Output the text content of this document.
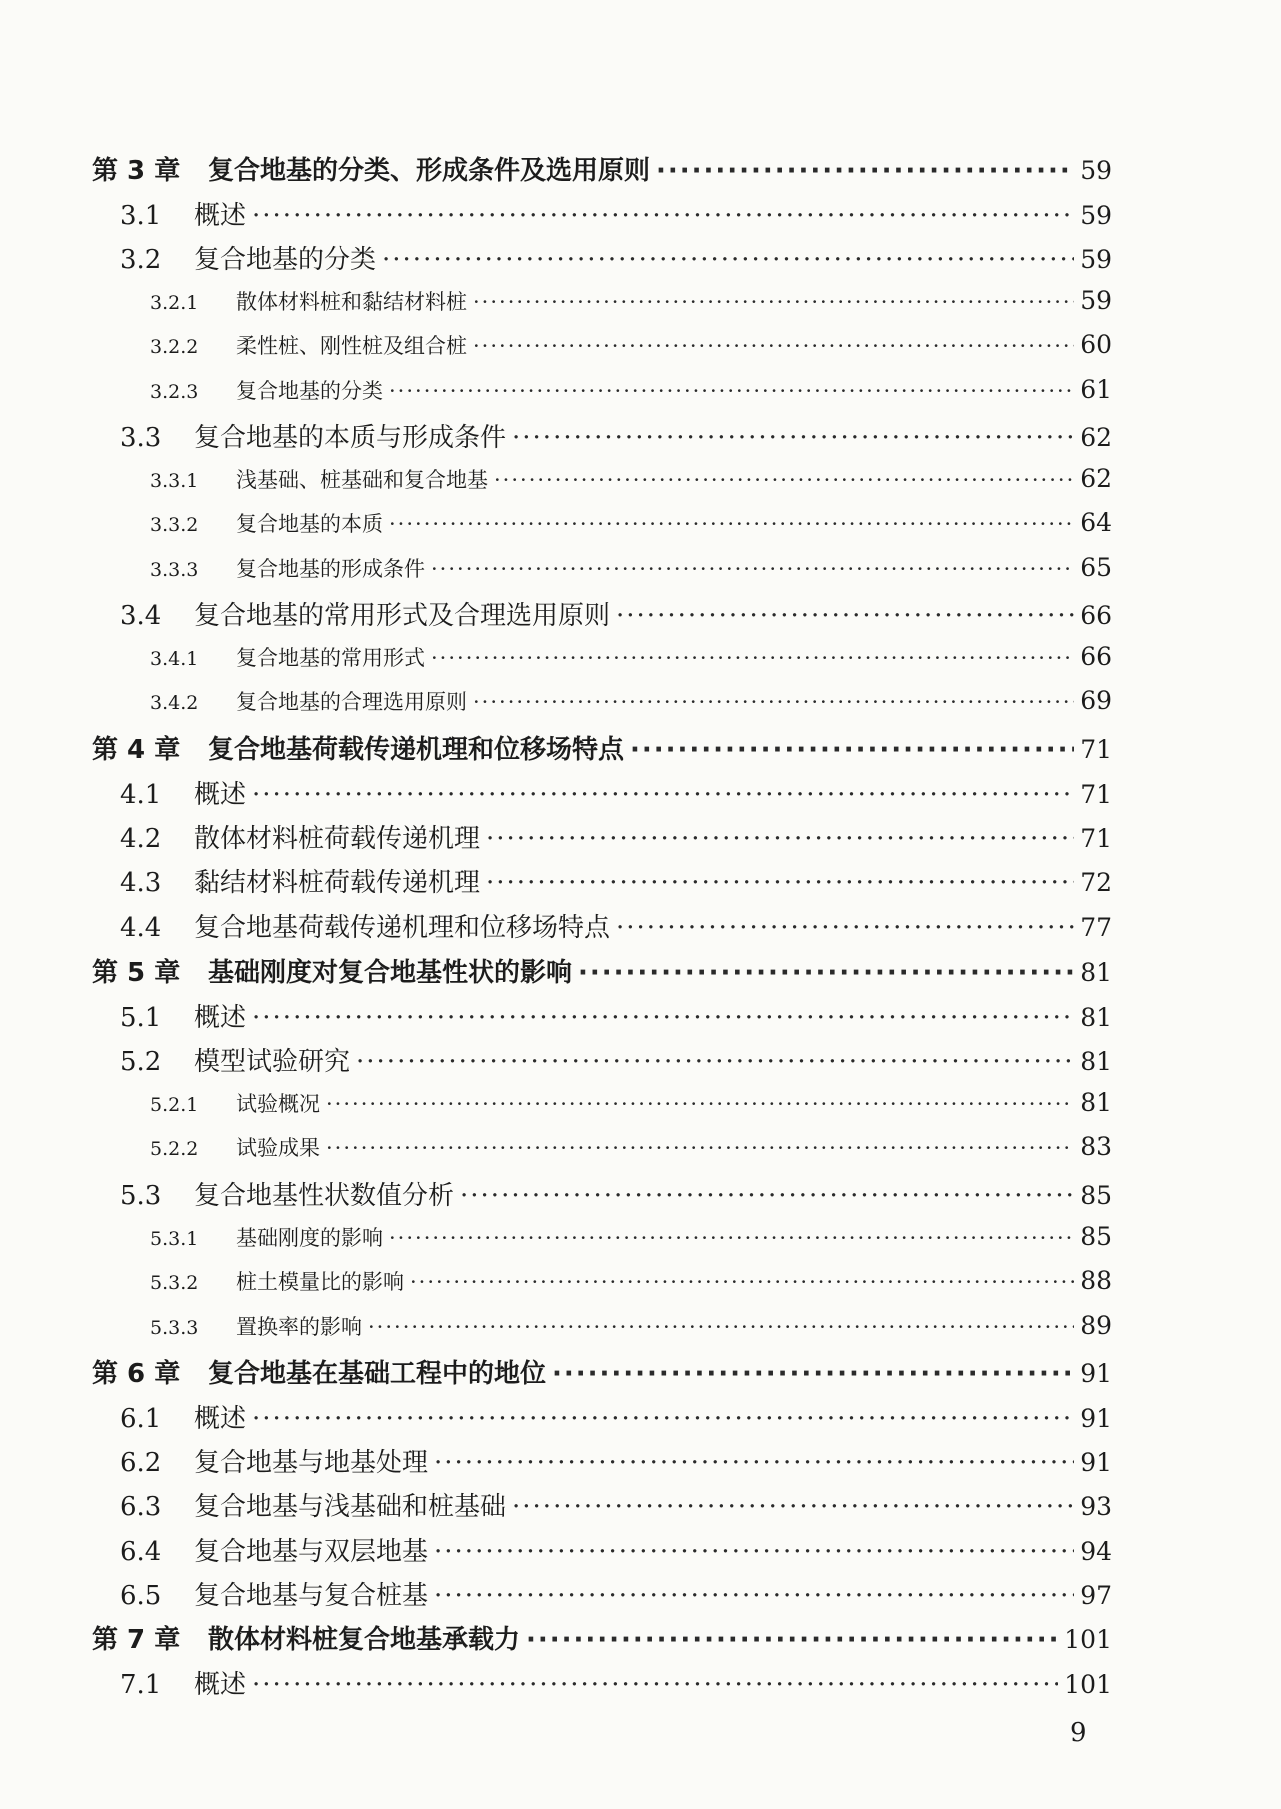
第 3 章	复合地基的分类、形成条件及选用原则 ·····	59
3.1	概述 ·····	59
3.2	复合地基的分类 ·····	59
3.2.1	散体材料桩和黏结材料桩 ·····	59
3.2.2	柔性桩、刚性桩及组合桩 ·····	60
3.2.3	复合地基的分类 ·····	61
3.3	复合地基的本质与形成条件 ·····	62
3.3.1	浅基础、桩基础和复合地基 ·····	62
3.3.2	复合地基的本质 ·····	64
3.3.3	复合地基的形成条件 ·····	65
3.4	复合地基的常用形式及合理选用原则 ·····	66
3.4.1	复合地基的常用形式 ·····	66
3.4.2	复合地基的合理选用原则 ·····	69
第 4 章	复合地基荷载传递机理和位移场特点 ·····	71
4.1	概述 ·····	71
4.2	散体材料桩荷载传递机理 ·····	71
4.3	黏结材料桩荷载传递机理 ·····	72
4.4	复合地基荷载传递机理和位移场特点 ·····	77
第 5 章	基础刚度对复合地基性状的影响 ·····	81
5.1	概述 ·····	81
5.2	模型试验研究 ·····	81
5.2.1	试验概况 ·····	81
5.2.2	试验成果 ·····	83
5.3	复合地基性状数值分析 ·····	85
5.3.1	基础刚度的影响 ·····	85
5.3.2	桩土模量比的影响 ·····	88
5.3.3	置换率的影响 ·····	89
第 6 章	复合地基在基础工程中的地位 ·····	91
6.1	概述 ·····	91
6.2	复合地基与地基处理 ·····	91
6.3	复合地基与浅基础和桩基础 ·····	93
6.4	复合地基与双层地基 ·····	94
6.5	复合地基与复合桩基 ·····	97
第 7 章	散体材料桩复合地基承载力 ·····	101
7.1	概述 ·····	101
9
